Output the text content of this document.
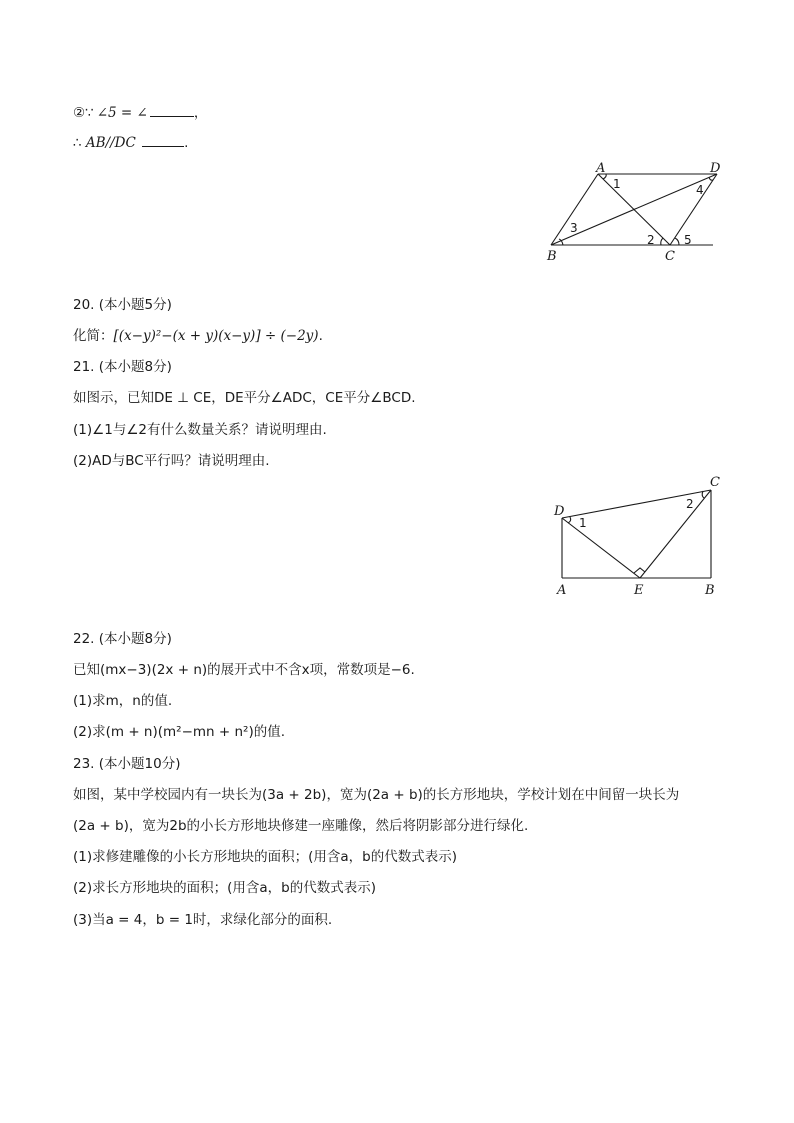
②∵ ∠5 = ∠	，
∴ AB//DC	.
A	D
B	C
1	4
3
2 5
20. (本小题5分)
化简：[(x−y)²−(x + y)(x−y)] ÷ (−2y).
21. (本小题8分)
如图示，已知DE ⊥ CE，DE平分∠ADC，CE平分∠BCD.
(1)∠1与∠2有什么数量关系？请说明理由.
(2)AD与BC平行吗？请说明理由.
D
C
A	E	B
1
2
22. (本小题8分)
已知(mx−3)(2x + n)的展开式中不含x项，常数项是−6.
(1)求m，n的值.
(2)求(m + n)(m²−mn + n²)的值.
23. (本小题10分)
如图，某中学校园内有一块长为(3a + 2b)，宽为(2a + b)的长方形地块，学校计划在中间留一块长为
(2a + b)，宽为2b的小长方形地块修建一座雕像，然后将阴影部分进行绿化.
(1)求修建雕像的小长方形地块的面积；(用含a，b的代数式表示)
(2)求长方形地块的面积；(用含a，b的代数式表示)
(3)当a = 4，b = 1时，求绿化部分的面积.
